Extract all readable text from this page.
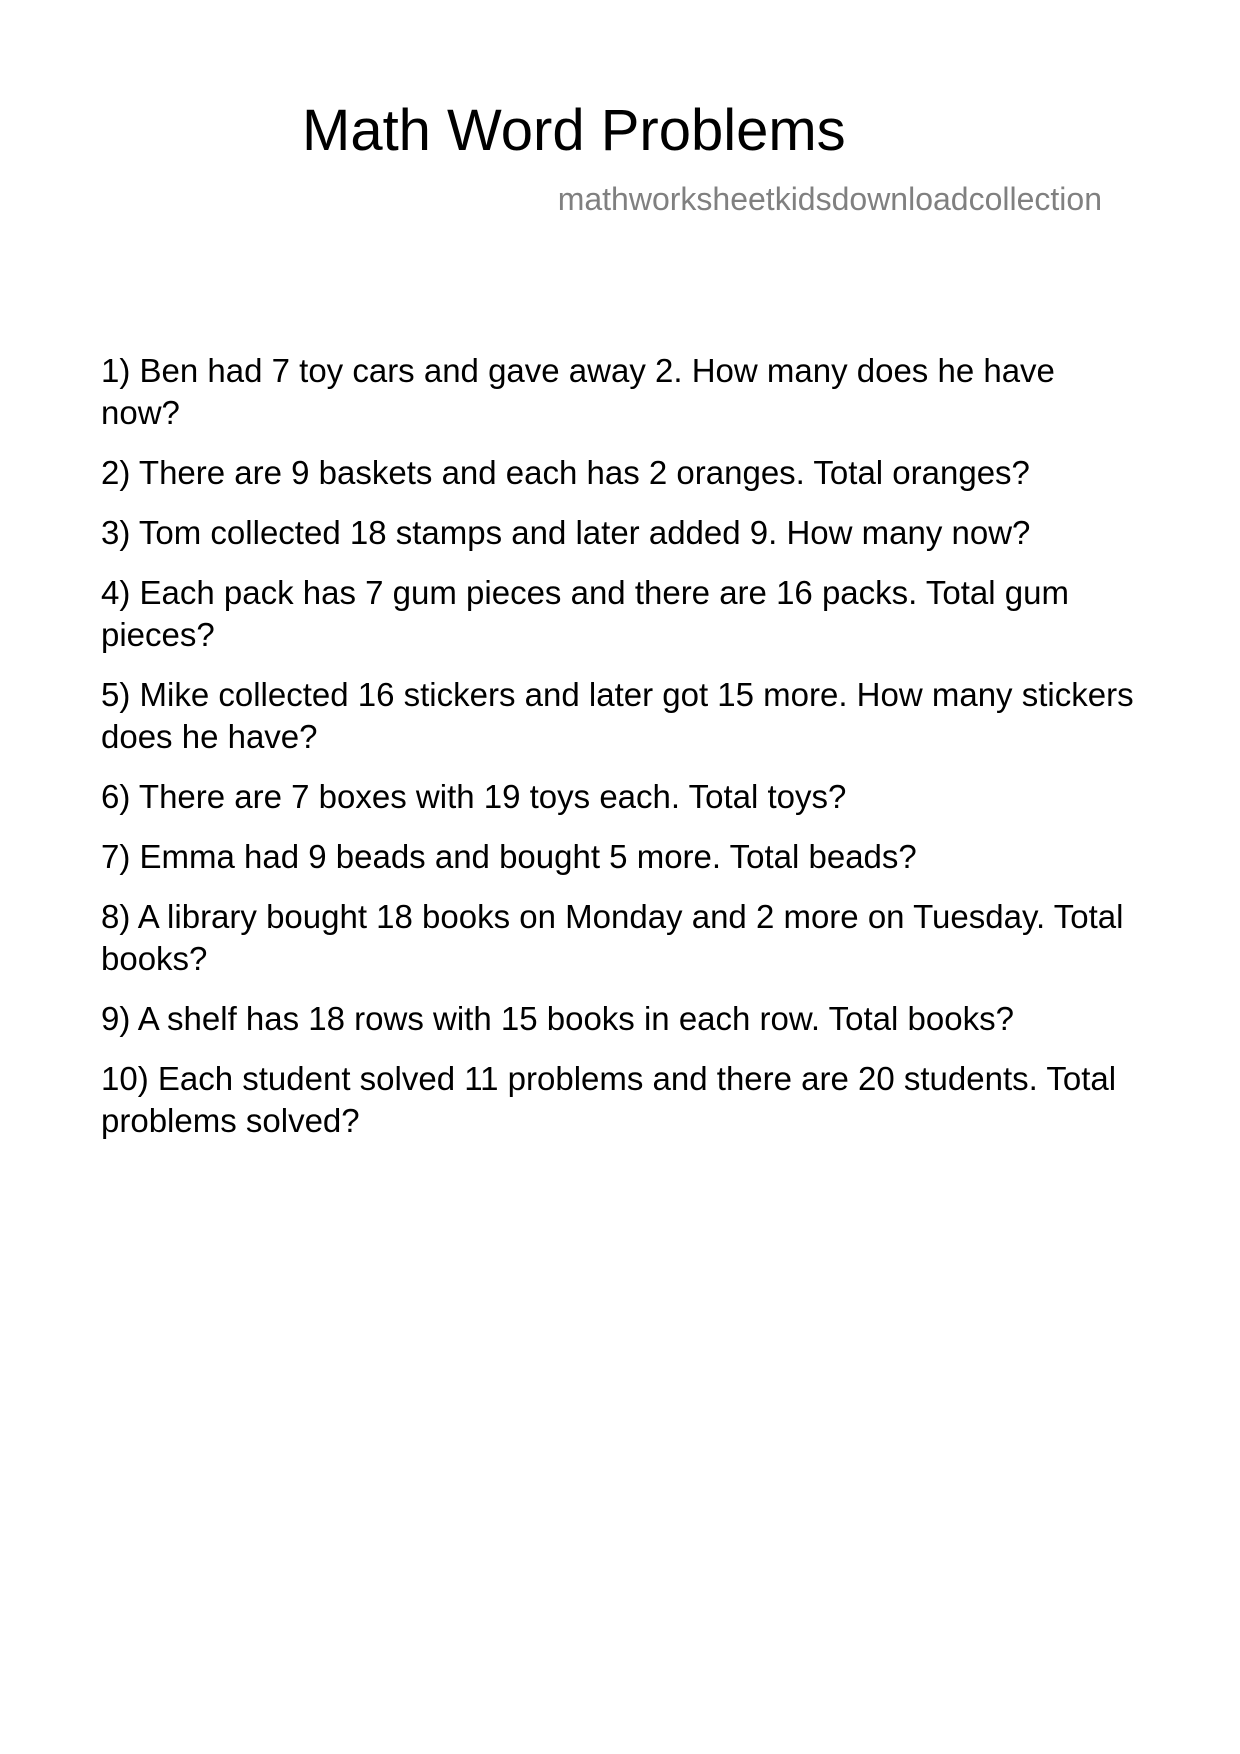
Math Word Problems
mathworksheetkidsdownloadcollection
1) Ben had 7 toy cars and gave away 2. How many does he have now?
2) There are 9 baskets and each has 2 oranges. Total oranges?
3) Tom collected 18 stamps and later added 9. How many now?
4) Each pack has 7 gum pieces and there are 16 packs. Total gum pieces?
5) Mike collected 16 stickers and later got 15 more. How many stickers does he have?
6) There are 7 boxes with 19 toys each. Total toys?
7) Emma had 9 beads and bought 5 more. Total beads?
8) A library bought 18 books on Monday and 2 more on Tuesday. Total books?
9) A shelf has 18 rows with 15 books in each row. Total books?
10) Each student solved 11 problems and there are 20 students. Total problems solved?
